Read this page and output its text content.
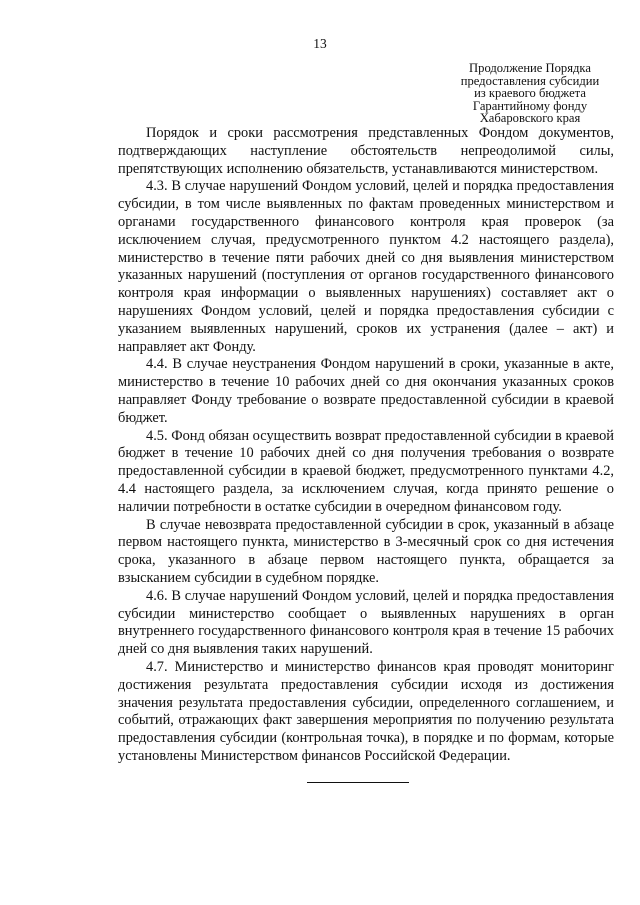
13
Продолжение Порядка
предоставления субсидии
из краевого бюджета
Гарантийному фонду
Хабаровского края

Порядок и сроки рассмотрения представленных Фондом документов, подтверждающих наступление обстоятельств непреодолимой силы, препятствующих исполнению обязательств, устанавливаются министерством.

4.3. В случае нарушений Фондом условий, целей и порядка предоставления субсидии, в том числе выявленных по фактам проведенных министерством и органами государственного финансового контроля края проверок (за исключением случая, предусмотренного пунктом 4.2 настоящего раздела), министерство в течение пяти рабочих дней со дня выявления министерством указанных нарушений (поступления от органов государственного финансового контроля края информации о выявленных нарушениях) составляет акт о нарушениях Фондом условий, целей и порядка предоставления субсидии с указанием выявленных нарушений, сроков их устранения (далее – акт) и направляет акт Фонду.

4.4. В случае неустранения Фондом нарушений в сроки, указанные в акте, министерство в течение 10 рабочих дней со дня окончания указанных сроков направляет Фонду требование о возврате предоставленной субсидии в краевой бюджет.

4.5. Фонд обязан осуществить возврат предоставленной субсидии в краевой бюджет в течение 10 рабочих дней со дня получения требования о возврате предоставленной субсидии в краевой бюджет, предусмотренного пунктами 4.2, 4.4 настоящего раздела, за исключением случая, когда принято решение о наличии потребности в остатке субсидии в очередном финансовом году.

В случае невозврата предоставленной субсидии в срок, указанный в абзаце первом настоящего пункта, министерство в 3-месячный срок со дня истечения срока, указанного в абзаце первом настоящего пункта, обращается за взысканием субсидии в судебном порядке.

4.6. В случае нарушений Фондом условий, целей и порядка предоставления субсидии министерство сообщает о выявленных нарушениях в орган внутреннего государственного финансового контроля края в течение 15 рабочих дней со дня выявления таких нарушений.

4.7. Министерство и министерство финансов края проводят мониторинг достижения результата предоставления субсидии исходя из достижения значения результата предоставления субсидии, определенного соглашением, и событий, отражающих факт завершения мероприятия по получению результата предоставления субсидии (контрольная точка), в порядке и по формам, которые установлены Министерством финансов Российской Федерации.
